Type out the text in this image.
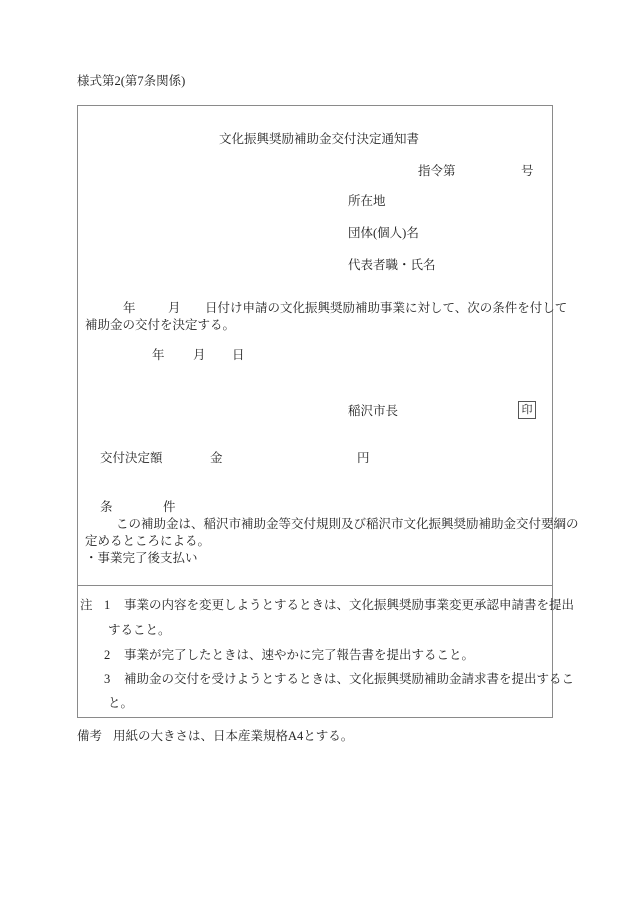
様式第2(第7条関係)
文化振興奨励補助金交付決定通知書
指令第	号
所在地
団体(個人)名
代表者職・氏名
年	月 日付け申請の文化振興奨励補助事業に対して、次の条件を付して
補助金の交付を決定する。
年 月 日
稲沢市長	印
交付決定額	金	円
条	件
この補助金は、稲沢市補助金等交付規則及び稲沢市文化振興奨励補助金交付要綱の
定めるところによる。
・事業完了後支払い
注 1 事業の内容を変更しようとするときは、文化振興奨励事業変更承認申請書を提出
すること。
2 事業が完了したときは、速やかに完了報告書を提出すること。
3 補助金の交付を受けようとするときは、文化振興奨励補助金請求書を提出するこ
と。
備考 用紙の大きさは、日本産業規格A4とする。
